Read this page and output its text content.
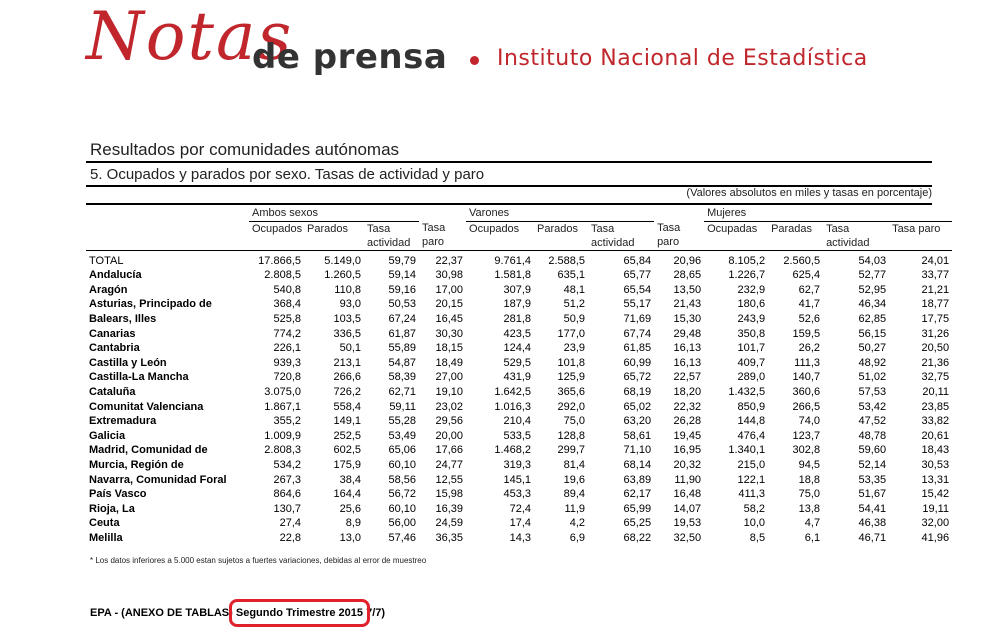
Notas
de prensa Instituto Nacional de Estadística
Resultados por comunidades autónomas
5. Ocupados y parados por sexo. Tasas de actividad y paro
(Valores absolutos en miles y tasas en porcentaje)
	Ambos sexos				Varones				Mujeres			
	Ocupados	Parados	Tasa actividad	Tasa paro	Ocupados	Parados	Tasa actividad	Tasa paro	Ocupadas	Paradas	Tasa actividad	Tasa paro
TOTAL	17.866,5	5.149,0	59,79	22,37	9.761,4	2.588,5	65,84	20,96	8.105,2	2.560,5	54,03	24,01
Andalucía	2.808,5	1.260,5	59,14	30,98	1.581,8	635,1	65,77	28,65	1.226,7	625,4	52,77	33,77
Aragón	540,8	110,8	59,16	17,00	307,9	48,1	65,54	13,50	232,9	62,7	52,95	21,21
Asturias, Principado de	368,4	93,0	50,53	20,15	187,9	51,2	55,17	21,43	180,6	41,7	46,34	18,77
Balears, Illes	525,8	103,5	67,24	16,45	281,8	50,9	71,69	15,30	243,9	52,6	62,85	17,75
Canarias	774,2	336,5	61,87	30,30	423,5	177,0	67,74	29,48	350,8	159,5	56,15	31,26
Cantabria	226,1	50,1	55,89	18,15	124,4	23,9	61,85	16,13	101,7	26,2	50,27	20,50
Castilla y León	939,3	213,1	54,87	18,49	529,5	101,8	60,99	16,13	409,7	111,3	48,92	21,36
Castilla-La Mancha	720,8	266,6	58,39	27,00	431,9	125,9	65,72	22,57	289,0	140,7	51,02	32,75
Cataluña	3.075,0	726,2	62,71	19,10	1.642,5	365,6	68,19	18,20	1.432,5	360,6	57,53	20,11
Comunitat Valenciana	1.867,1	558,4	59,11	23,02	1.016,3	292,0	65,02	22,32	850,9	266,5	53,42	23,85
Extremadura	355,2	149,1	55,28	29,56	210,4	75,0	63,20	26,28	144,8	74,0	47,52	33,82
Galicia	1.009,9	252,5	53,49	20,00	533,5	128,8	58,61	19,45	476,4	123,7	48,78	20,61
Madrid, Comunidad de	2.808,3	602,5	65,06	17,66	1.468,2	299,7	71,10	16,95	1.340,1	302,8	59,60	18,43
Murcia, Región de	534,2	175,9	60,10	24,77	319,3	81,4	68,14	20,32	215,0	94,5	52,14	30,53
Navarra, Comunidad Foral	267,3	38,4	58,56	12,55	145,1	19,6	63,89	11,90	122,1	18,8	53,35	13,31
País Vasco	864,6	164,4	56,72	15,98	453,3	89,4	62,17	16,48	411,3	75,0	51,67	15,42
Rioja, La	130,7	25,6	60,10	16,39	72,4	11,9	65,99	14,07	58,2	13,8	54,41	19,11
Ceuta	27,4	8,9	56,00	24,59	17,4	4,2	65,25	19,53	10,0	4,7	46,38	32,00
Melilla	22,8	13,0	57,46	36,35	14,3	6,9	68,22	32,50	8,5	6,1	46,71	41,96
* Los datos inferiores a 5.000 estan sujetos a fuertes variaciones, debidas al error de muestreo
EPA - (ANEXO DE TABLAS) Segundo Trimestre 2015 7/7)
